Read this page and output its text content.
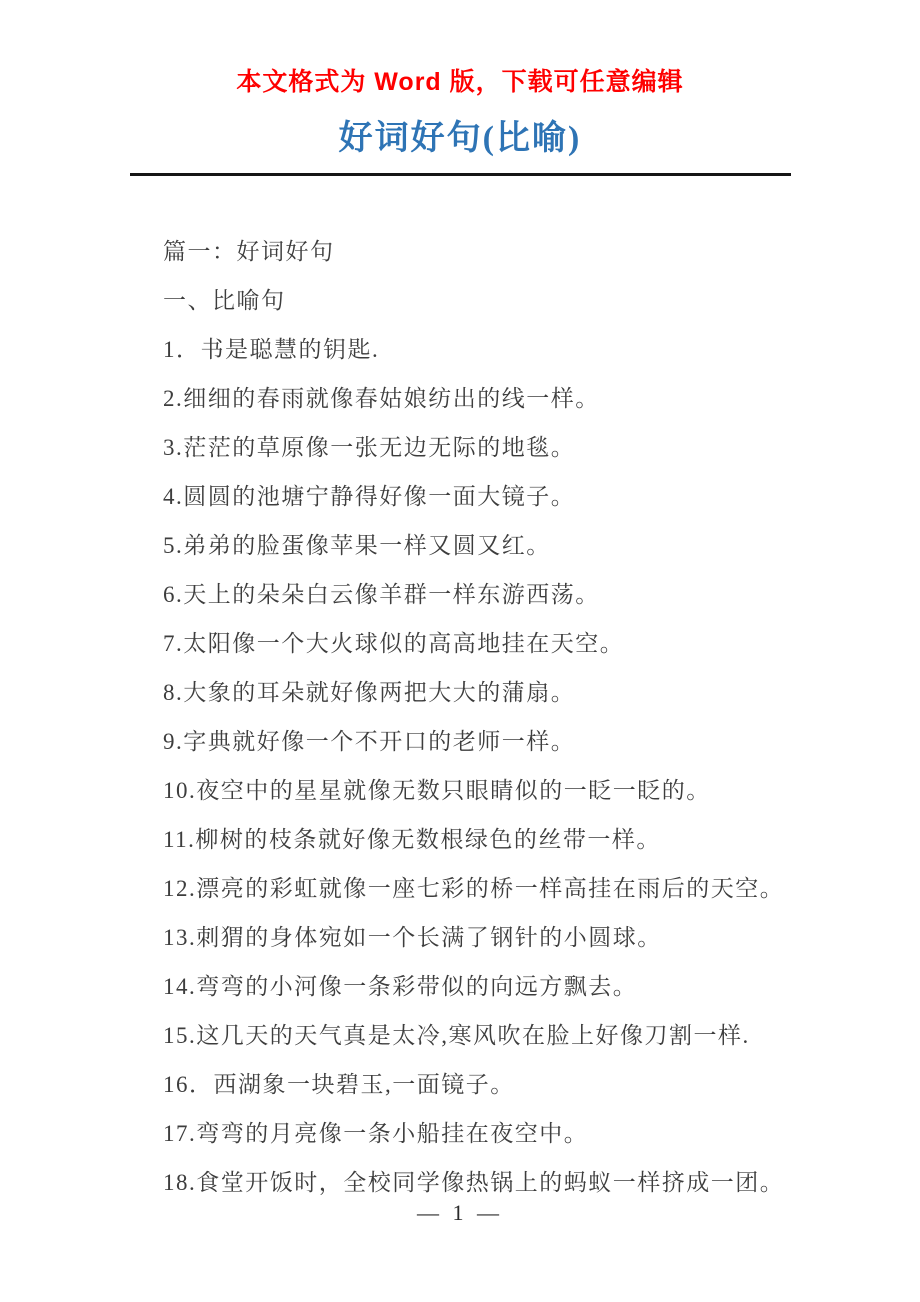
本文格式为 Word 版，下载可任意编辑
好词好句(比喻)

篇一：好词好句

一、比喻句

1．书是聪慧的钥匙.

2.细细的春雨就像春姑娘纺出的线一样。

3.茫茫的草原像一张无边无际的地毯。

4.圆圆的池塘宁静得好像一面大镜子。

5.弟弟的脸蛋像苹果一样又圆又红。

6.天上的朵朵白云像羊群一样东游西荡。

7.太阳像一个大火球似的高高地挂在天空。

8.大象的耳朵就好像两把大大的蒲扇。

9.字典就好像一个不开口的老师一样。

10.夜空中的星星就像无数只眼睛似的一眨一眨的。

11.柳树的枝条就好像无数根绿色的丝带一样。

12.漂亮的彩虹就像一座七彩的桥一样高挂在雨后的天空。

13.刺猬的身体宛如一个长满了钢针的小圆球。

14.弯弯的小河像一条彩带似的向远方飘去。

15.这几天的天气真是太冷,寒风吹在脸上好像刀割一样.

16．西湖象一块碧玉,一面镜子。

17.弯弯的月亮像一条小船挂在夜空中。

18.食堂开饭时，全校同学像热锅上的蚂蚁一样挤成一团。

— 1 —
